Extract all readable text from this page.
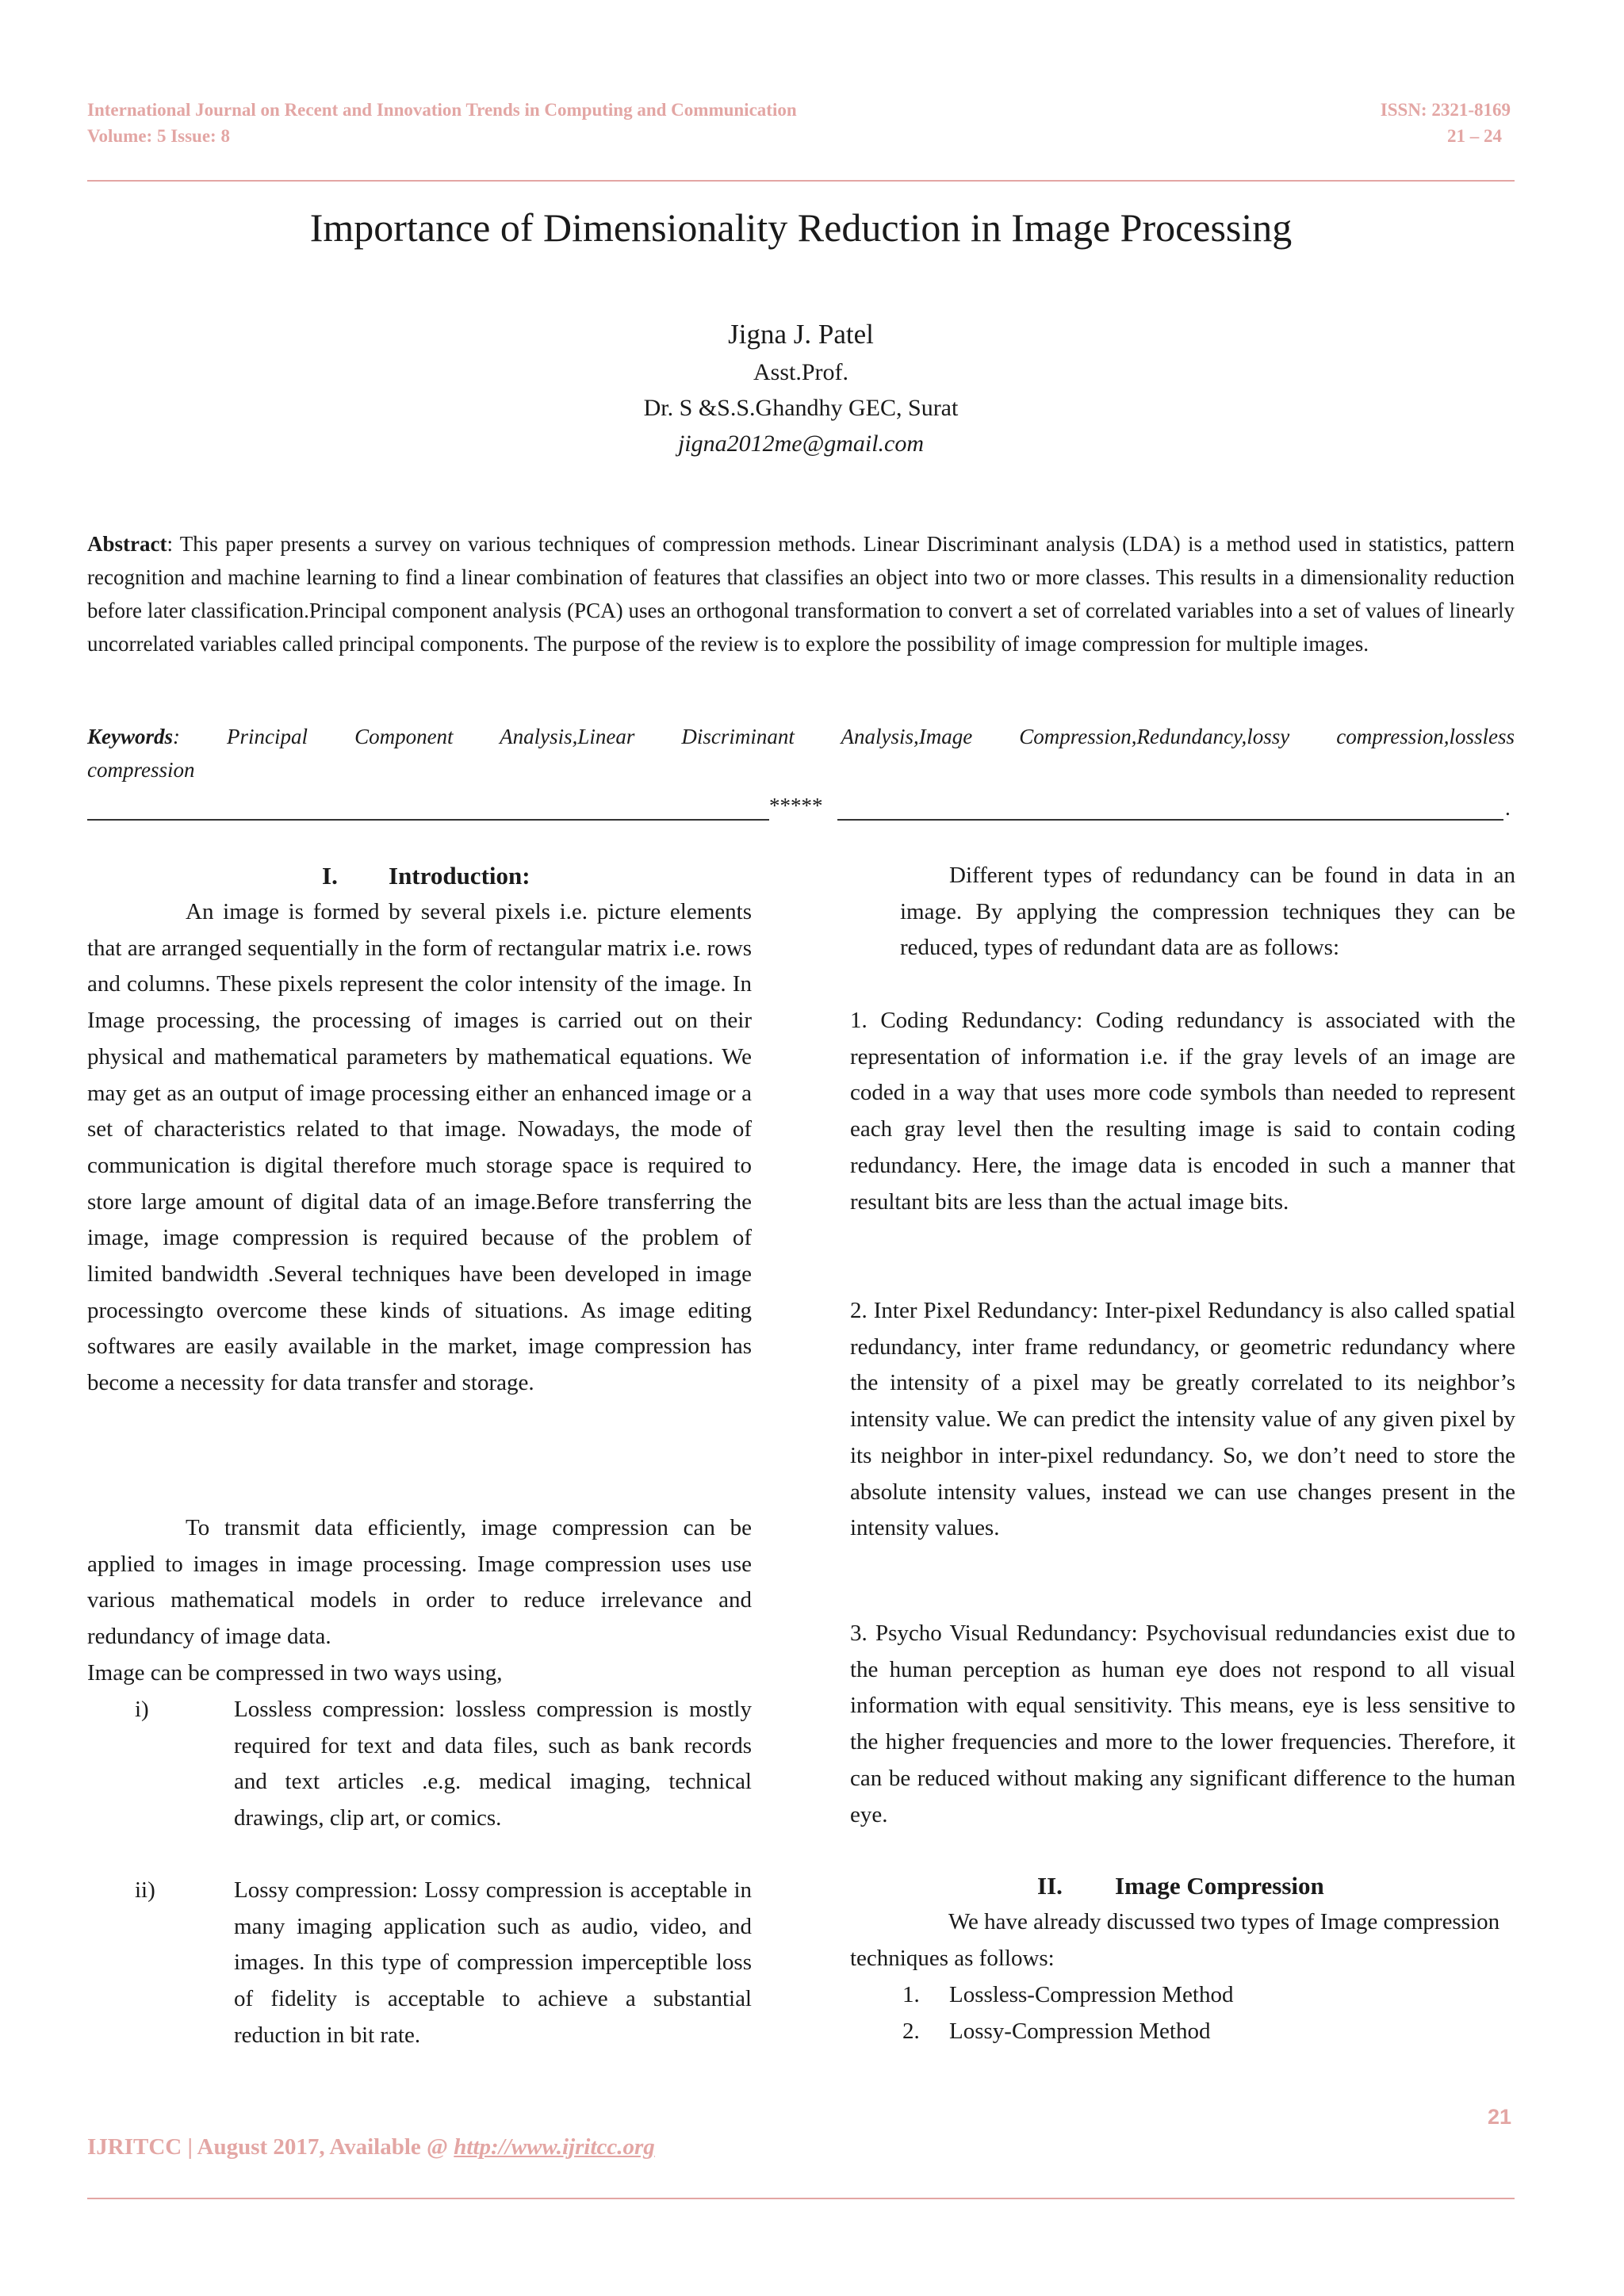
International Journal on Recent and Innovation Trends in Computing and Communication
Volume: 5 Issue: 8
ISSN: 2321-8169
21 – 24
Importance of Dimensionality Reduction in Image Processing
Jigna J. Patel
Asst.Prof.
Dr. S &S.S.Ghandhy GEC, Surat
jigna2012me@gmail.com
Abstract: This paper presents a survey on various techniques of compression methods. Linear Discriminant analysis (LDA) is a method used in statistics, pattern recognition and machine learning to find a linear combination of features that classifies an object into two or more classes. This results in a dimensionality reduction before later classification.Principal component analysis (PCA) uses an orthogonal transformation to convert a set of correlated variables into a set of values of linearly uncorrelated variables called principal components. The purpose of the review is to explore the possibility of image compression for multiple images.
Keywords: Principal Component Analysis,Linear Discriminant Analysis,Image Compression,Redundancy,lossy compression,lossless
compression
*****	.
I. Introduction:
An image is formed by several pixels i.e. picture elements that are arranged sequentially in the form of rectangular matrix i.e. rows and columns. These pixels represent the color intensity of the image. In Image processing, the processing of images is carried out on their physical and mathematical parameters by mathematical equations. We may get as an output of image processing either an enhanced image or a set of characteristics related to that image. Nowadays, the mode of communication is digital therefore much storage space is required to store large amount of digital data of an image.Before transferring the image, image compression is required because of the problem of limited bandwidth .Several techniques have been developed in image processingto overcome these kinds of situations. As image editing softwares are easily available in the market, image compression has become a necessity for data transfer and storage.
To transmit data efficiently, image compression can be applied to images in image processing. Image compression uses use various mathematical models in order to reduce irrelevance and redundancy of image data.
Image can be compressed in two ways using,
i)	Lossless compression: lossless compression is mostly required for text and data files, such as bank records and text articles .e.g. medical imaging, technical drawings, clip art, or comics.
ii)	Lossy compression: Lossy compression is acceptable in many imaging application such as audio, video, and images. In this type of compression imperceptible loss of fidelity is acceptable to achieve a substantial reduction in bit rate.
Different types of redundancy can be found in data in an image. By applying the compression techniques they can be reduced, types of redundant data are as follows:
1. Coding Redundancy: Coding redundancy is associated with the representation of information i.e. if the gray levels of an image are coded in a way that uses more code symbols than needed to represent each gray level then the resulting image is said to contain coding redundancy. Here, the image data is encoded in such a manner that resultant bits are less than the actual image bits.
2. Inter Pixel Redundancy: Inter-pixel Redundancy is also called spatial redundancy, inter frame redundancy, or geometric redundancy where the intensity of a pixel may be greatly correlated to its neighbor’s intensity value. We can predict the intensity value of any given pixel by its neighbor in inter-pixel redundancy. So, we don’t need to store the absolute intensity values, instead we can use changes present in the intensity values.
3. Psycho Visual Redundancy: Psychovisual redundancies exist due to the human perception as human eye does not respond to all visual information with equal sensitivity. This means, eye is less sensitive to the higher frequencies and more to the lower frequencies. Therefore, it can be reduced without making any significant difference to the human eye.
II. Image Compression
We have already discussed two types of Image compression techniques as follows:
1. Lossless-Compression Method
2. Lossy-Compression Method
21
IJRITCC | August 2017, Available @ http://www.ijritcc.org
